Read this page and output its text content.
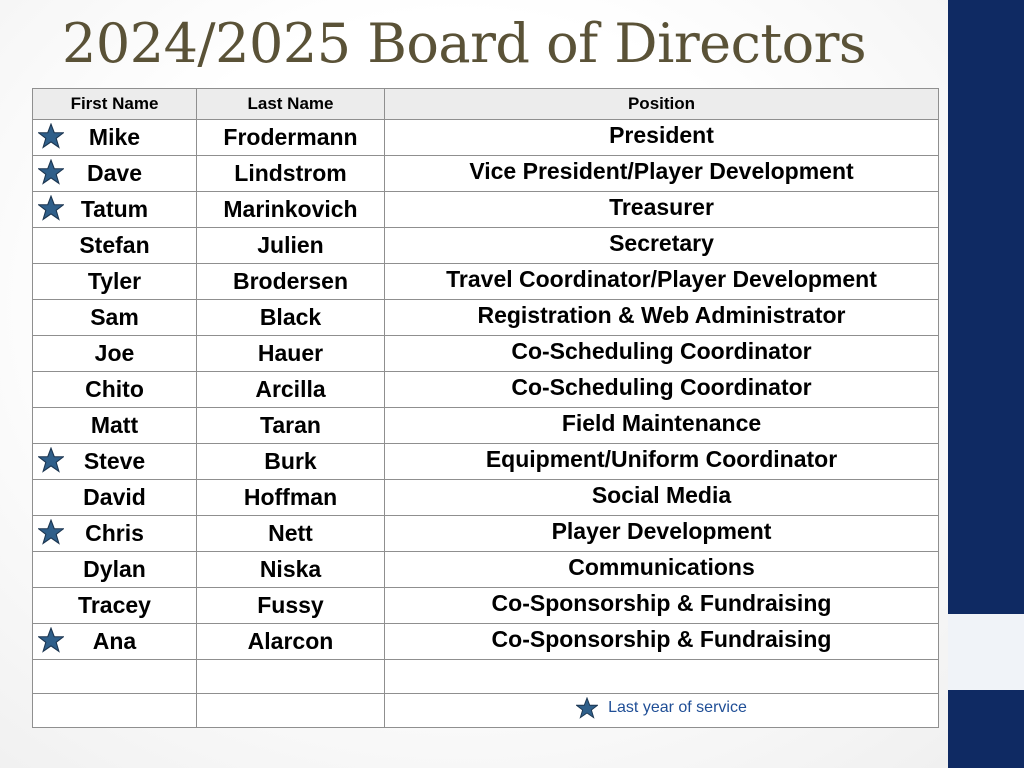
2024/2025 Board of Directors
First Name	Last Name	Position

Mike	Frodermann	President

Dave	Lindstrom	Vice President/Player Development

Tatum	Marinkovich	Treasurer
Stefan	Julien	Secretary
Tyler	Brodersen	Travel Coordinator/Player Development
Sam	Black	Registration & Web Administrator
Joe	Hauer	Co-Scheduling Coordinator
Chito	Arcilla	Co-Scheduling Coordinator
Matt	Taran	Field Maintenance

Steve	Burk	Equipment/Uniform Coordinator
David	Hoffman	Social Media

Chris	Nett	Player Development
Dylan	Niska	Communications
Tracey	Fussy	Co-Sponsorship & Fundraising

Ana	Alarcon	Co-Sponsorship & Fundraising

		Last year of service
